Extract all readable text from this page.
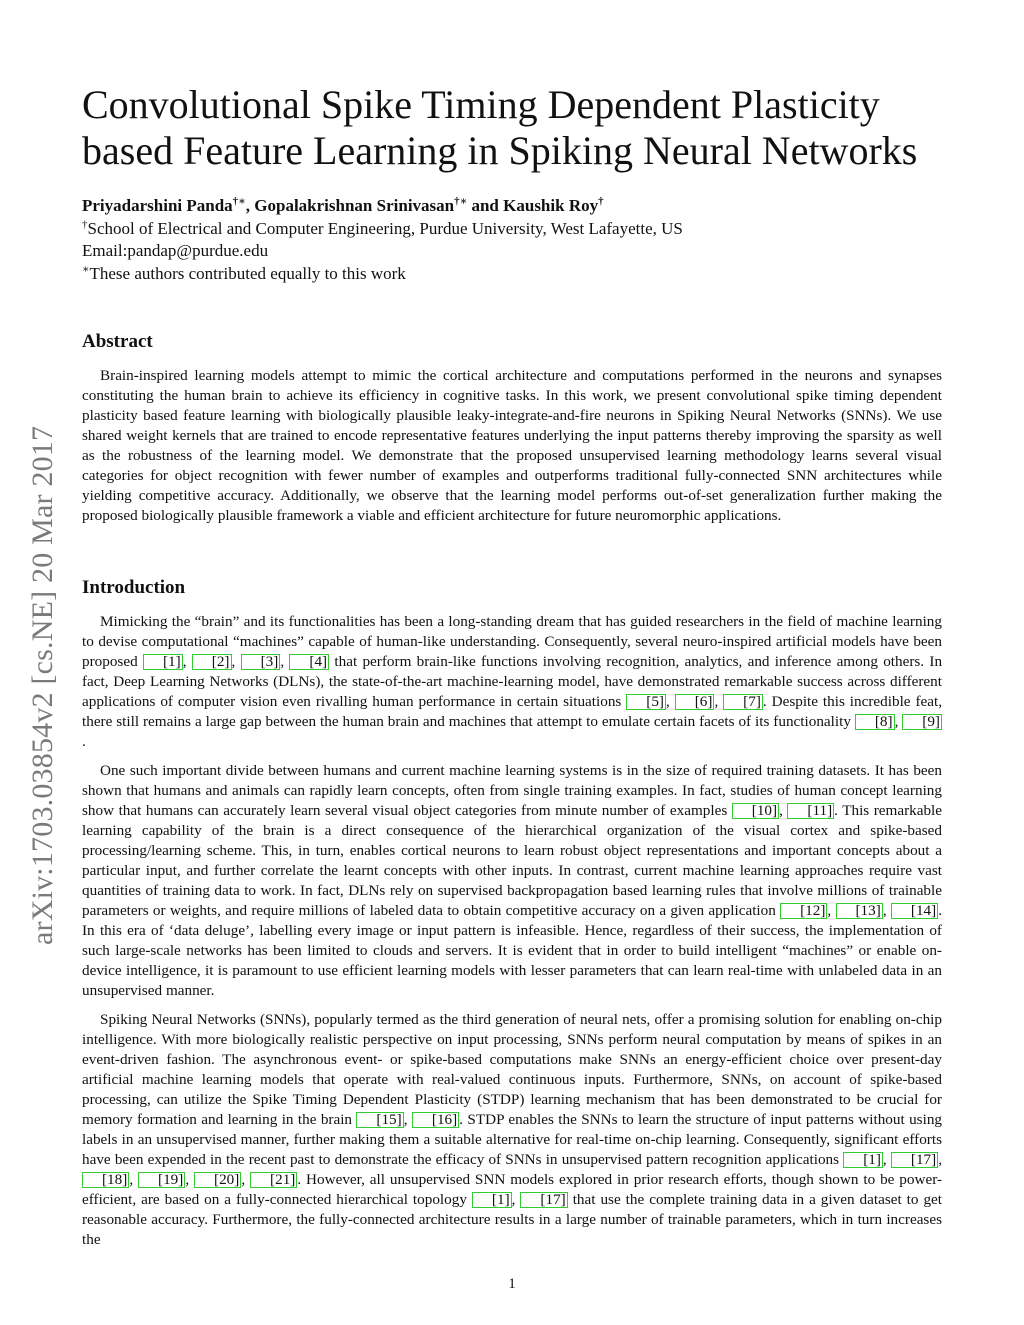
arXiv:1703.03854v2 [cs.NE] 20 Mar 2017
Convolutional Spike Timing Dependent Plasticity
based Feature Learning in Spiking Neural Networks
Priyadarshini Panda†∗, Gopalakrishnan Srinivasan†∗ and Kaushik Roy†
†School of Electrical and Computer Engineering, Purdue University, West Lafayette, US
Email:pandap@purdue.edu
∗These authors contributed equally to this work
Abstract

Brain-inspired learning models attempt to mimic the cortical architecture and computations performed in the neurons and synapses constituting the human brain to achieve its efficiency in cognitive tasks. In this work, we present convolutional spike timing dependent plasticity based feature learning with biologically plausible leaky-integrate-and-fire neurons in Spiking Neural Networks (SNNs). We use shared weight kernels that are trained to encode representative features underlying the input patterns thereby improving the sparsity as well as the robustness of the learning model. We demonstrate that the proposed unsupervised learning methodology learns several visual categories for object recognition with fewer number of examples and outperforms traditional fully-connected SNN architectures while yielding competitive accuracy. Additionally, we observe that the learning model performs out-of-set generalization further making the proposed biologically plausible framework a viable and efficient architecture for future neuromorphic applications.

Introduction

Mimicking the “brain” and its functionalities has been a long-standing dream that has guided researchers in the field of machine learning to devise computational “machines” capable of human-like understanding. Consequently, several neuro-inspired artificial models have been proposed [1] , [2] , [3] , [4] that perform brain-like functions involving recognition, analytics, and inference among others. In fact, Deep Learning Networks (DLNs), the state-of-the-art machine-learning model, have demonstrated remarkable success across different applications of computer vision even rivalling human performance in certain situations [5] , [6] , [7] . Despite this incredible feat, there still remains a large gap between the human brain and machines that attempt to emulate certain facets of its functionality [8] , [9].

One such important divide between humans and current machine learning systems is in the size of required training datasets. It has been shown that humans and animals can rapidly learn concepts, often from single training examples. In fact, studies of human concept learning show that humans can accurately learn several visual object categories from minute number of examples [10] , [11] . This remarkable learning capability of the brain is a direct consequence of the hierarchical organization of the visual cortex and spike-based processing/learning scheme. This, in turn, enables cortical neurons to learn robust object representations and important concepts about a particular input, and further correlate the learnt concepts with other inputs. In contrast, current machine learning approaches require vast quantities of training data to work. In fact, DLNs rely on supervised backpropagation based learning rules that involve millions of trainable parameters or weights, and require millions of labeled data to obtain competitive accuracy on a given application [12] , [13] , [14] . In this era of ‘data deluge’, labelling every image or input pattern is infeasible. Hence, regardless of their success, the implementation of such large-scale networks has been limited to clouds and servers. It is evident that in order to build intelligent “machines” or enable on-device intelligence, it is paramount to use efficient learning models with lesser parameters that can learn real-time with unlabeled data in an unsupervised manner.

Spiking Neural Networks (SNNs), popularly termed as the third generation of neural nets, offer a promising solution for enabling on-chip intelligence. With more biologically realistic perspective on input processing, SNNs perform neural computation by means of spikes in an event-driven fashion. The asynchronous event- or spike-based computations make SNNs an energy-efficient choice over present-day artificial machine learning models that operate with real-valued continuous inputs. Furthermore, SNNs, on account of spike-based processing, can utilize the Spike Timing Dependent Plasticity (STDP) learning mechanism that has been demonstrated to be crucial for memory formation and learning in the brain [15] , [16] . STDP enables the SNNs to learn the structure of input patterns without using labels in an unsupervised manner, further making them a suitable alternative for real-time on-chip learning. Consequently, significant efforts have been expended in the recent past to demonstrate the efficacy of SNNs in unsupervised pattern recognition applications [1] , [17] , [18] , [19] , [20] , [21] . However, all unsupervised SNN models explored in prior research efforts, though shown to be power-efficient, are based on a fully-connected hierarchical topology [1] , [17] that use the complete training data in a given dataset to get reasonable accuracy. Furthermore, the fully-connected architecture results in a large number of trainable parameters, which in turn increases the

1
